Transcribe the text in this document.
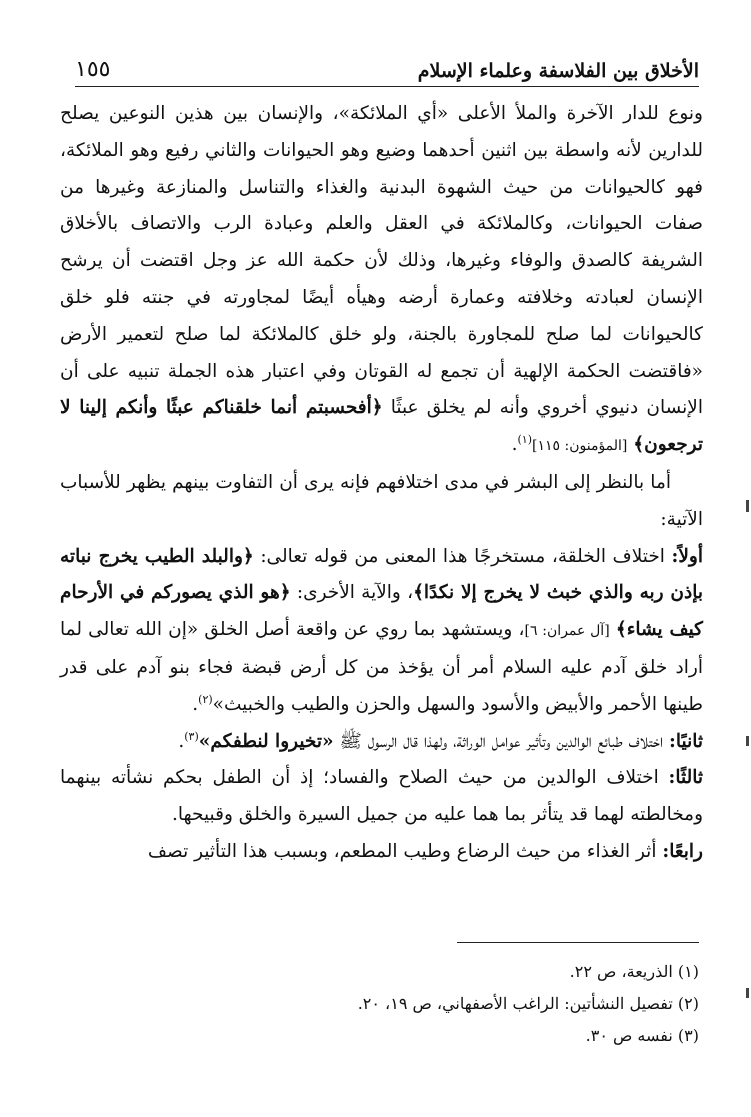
١٥٥	الأخلاق بين الفلاسفة وعلماء الإسلام

ونوع للدار الآخرة والملأ الأعلى «أي الملائكة»، والإنسان بين هذين النوعين يصلح للدارين لأنه واسطة بين اثنين أحدهما وضيع وهو الحيوانات والثاني رفيع وهو الملائكة، فهو كالحيوانات من حيث الشهوة البدنية والغذاء والتناسل والمنازعة وغيرها من صفات الحيوانات، وكالملائكة في العقل والعلم وعبادة الرب والاتصاف بالأخلاق الشريفة كالصدق والوفاء وغيرها، وذلك لأن حكمة الله عز وجل اقتضت أن يرشح الإنسان لعبادته وخلافته وعمارة أرضه وهيأه أيضًا لمجاورته في جنته فلو خلق كالحيوانات لما صلح للمجاورة بالجنة، ولو خلق كالملائكة لما صلح لتعمير الأرض «فاقتضت الحكمة الإلهية أن تجمع له القوتان وفي اعتبار هذه الجملة تنبيه على أن الإنسان دنيوي أخروي وأنه لم يخلق عبثًا ﴿أفحسبتم أنما خلقناكم عبثًا وأنكم إلينا لا ترجعون﴾ [المؤمنون: ١١٥]$^{(١)}$.

أما بالنظر إلى البشر في مدى اختلافهم فإنه يرى أن التفاوت بينهم يظهر للأسباب الآتية:

أولاً: اختلاف الخلقة، مستخرجًا هذا المعنى من قوله تعالى: ﴿والبلد الطيب يخرج نباته بإذن ربه والذي خبث لا يخرج إلا نكدًا﴾، والآية الأخرى: ﴿هو الذي يصوركم في الأرحام كيف يشاء﴾ [آل عمران: ٦]، ويستشهد بما روي عن واقعة أصل الخلق «إن الله تعالى لما أراد خلق آدم عليه السلام أمر أن يؤخذ من كل أرض قبضة فجاء بنو آدم على قدر طينها الأحمر والأبيض والأسود والسهل والحزن والطيب والخبيث»$^{(٢)}$.

ثانيًا: اختلاف طبائع الوالدين وتأثير عوامل الوراثة، ولهذا قال الرسول ﷺ «تخيروا لنطفكم»$^{(٣)}$.

ثالثًا: اختلاف الوالدين من حيث الصلاح والفساد؛ إذ أن الطفل بحكم نشأته بينهما ومخالطته لهما قد يتأثر بما هما عليه من جميل السيرة والخلق وقبيحها.

رابعًا: أثر الغذاء من حيث الرضاع وطيب المطعم، وبسبب هذا التأثير تصف

(١) الذريعة، ص ٢٢.
(٢) تفصيل النشأتين: الراغب الأصفهاني، ص ١٩، ٢٠.
(٣) نفسه ص ٣٠.
